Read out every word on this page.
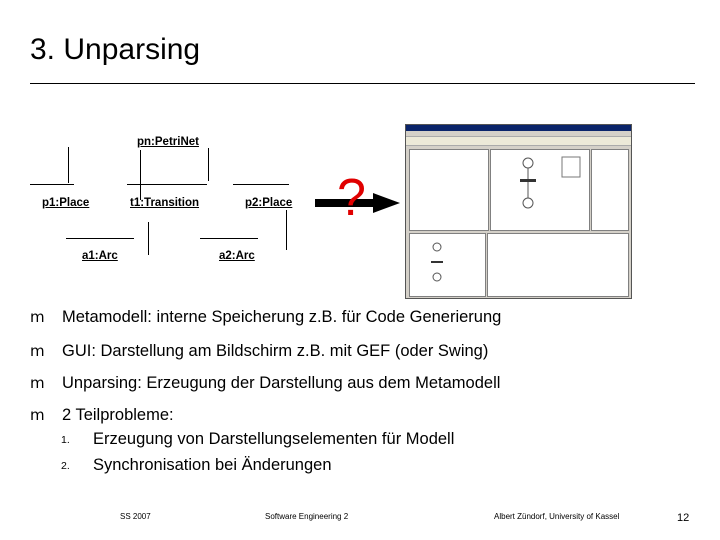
3. Unparsing
pn:PetriNet
p1:Place	t1:Transition	p2:Place
a1:Arc	a2:Arc
?
m Metamodell: interne Speicherung z.B. für Code Generierung
m GUI: Darstellung am Bildschirm z.B. mit GEF (oder Swing)
m Unparsing: Erzeugung der Darstellung aus dem Metamodell
m 2 Teilprobleme:
1. Erzeugung von Darstellungselementen für Modell
2. Synchronisation bei Änderungen
SS 2007	Software Engineering 2	Albert Zündorf, University of Kassel	12
